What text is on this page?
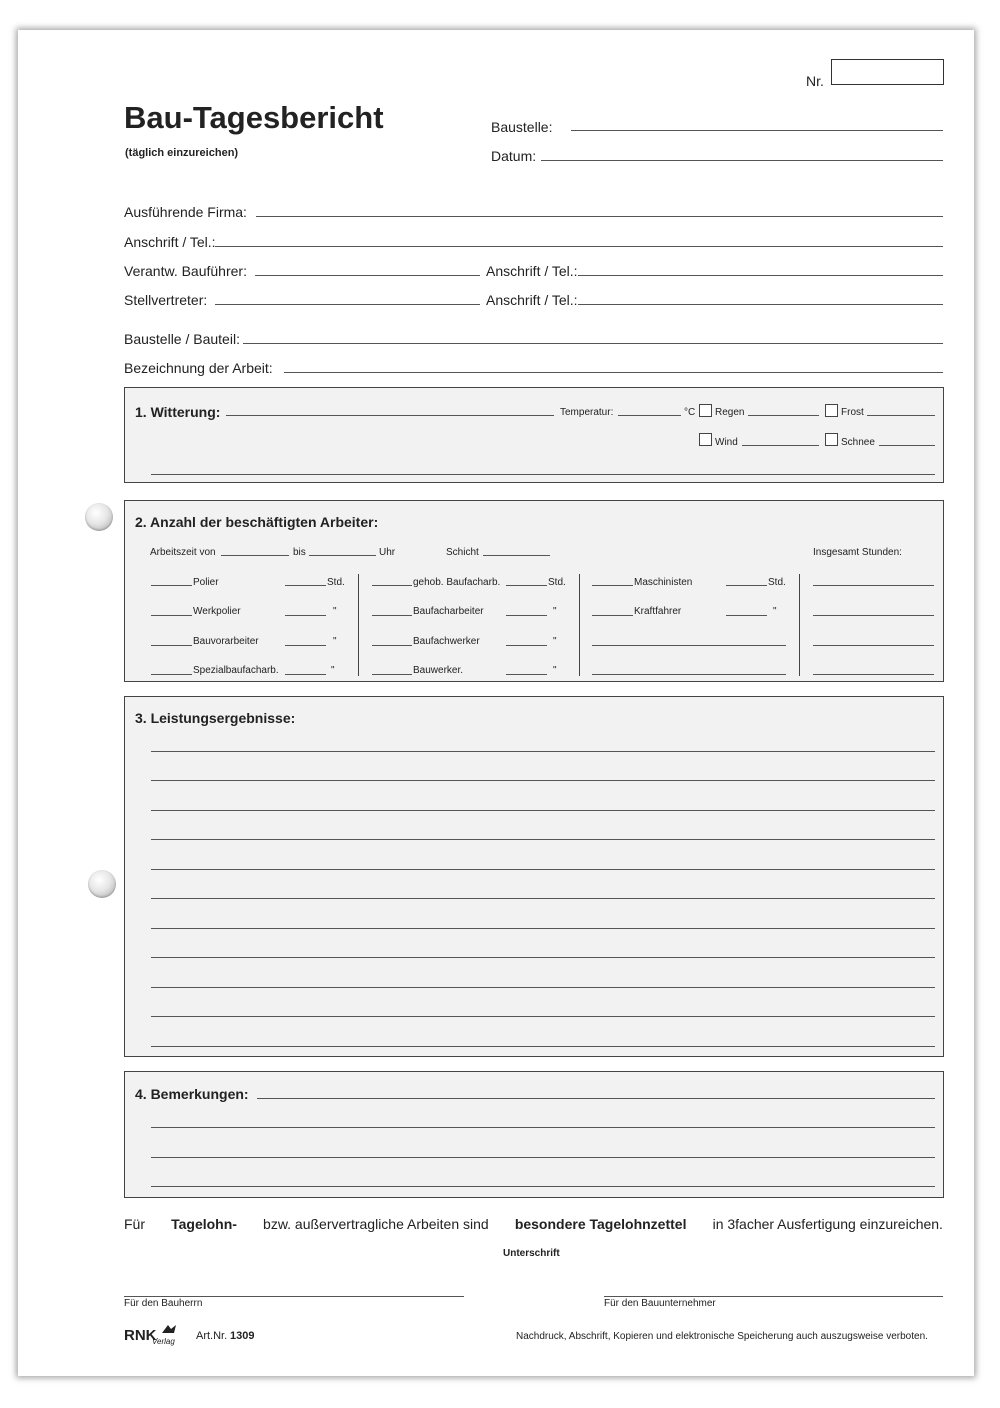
Nr.
Bau-Tagesbericht
(täglich einzureichen)
Baustelle:
Datum:
Ausführende Firma:
Anschrift / Tel.:
Verantw. Bauführer:	Anschrift / Tel.:
Stellvertreter:	Anschrift / Tel.:
Baustelle / Bauteil:
Bezeichnung der Arbeit:
1. Witterung:	Temperatur:	°C Regen	Frost
Wind	Schnee
2. Anzahl der beschäftigten Arbeiter:
Arbeitszeit von	bis	Uhr	Schicht	Insgesamt Stunden:
Polier	Std.
Werkpolier	"
Bauvorarbeiter	"
Spezialbaufacharb.	"
gehob. Baufacharb.	Std.
Baufacharbeiter	"
Baufachwerker	"
Bauwerker.	"
Maschinisten	Std.
Kraftfahrer	"
3. Leistungsergebnisse:
4. Bemerkungen:
Für Tagelohn- bzw. außervertragliche Arbeiten sind besondere Tagelohnzettel in 3facher Ausfertigung einzureichen.
Unterschrift
Für den Bauherrn	Für den Bauunternehmer
RNK
Verlag Art.Nr. 1309	Nachdruck, Abschrift, Kopieren und elektronische Speicherung auch auszugsweise verboten.
